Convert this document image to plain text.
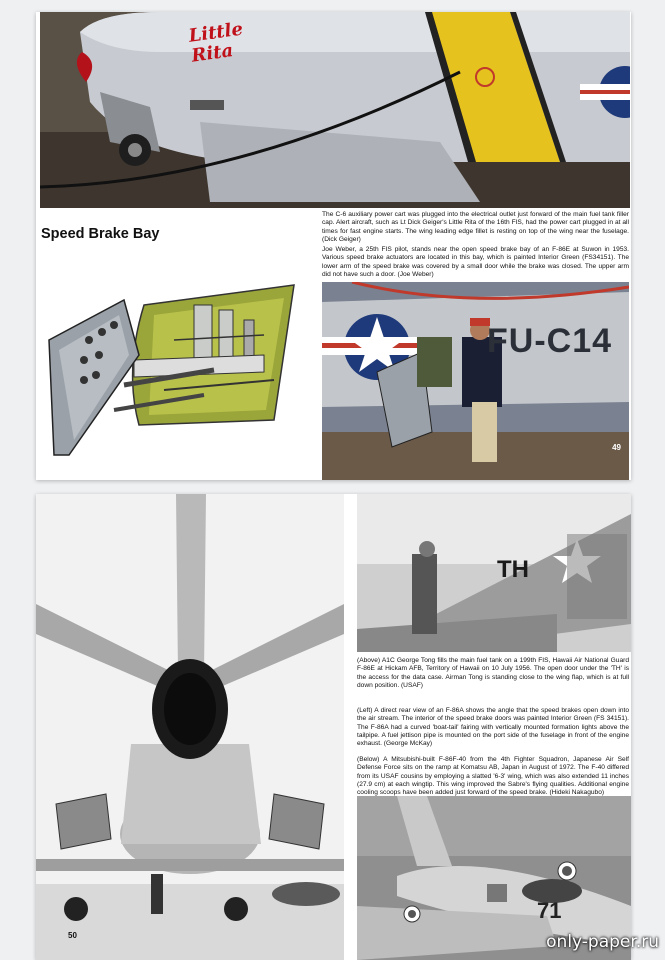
Little Rita
Speed Brake Bay

The C-6 auxiliary power cart was plugged into the electrical outlet just forward of the main fuel tank filler cap. Alert aircraft, such as Lt Dick Geiger's Little Rita of the 16th FIS, had the power cart plugged in at all times for fast engine starts. The wing leading edge fillet is resting on top of the wing near the fuselage. (Dick Geiger)

Joe Weber, a 25th FIS pilot, stands near the open speed brake bay of an F-86E at Suwon in 1953. Various speed brake actuators are located in this bay, which is painted Interior Green (FS34151). The lower arm of the speed brake was covered by a small door while the brake was closed. The upper arm did not have such a door. (Joe Weber)

FU-C14
49
50
TH

(Above) A1C George Tong fills the main fuel tank on a 199th FIS, Hawaii Air National Guard F-86E at Hickam AFB, Territory of Hawaii on 10 July 1956. The open door under the 'TH' is the access for the data case. Airman Tong is standing close to the wing flap, which is at full down position. (USAF)

(Left) A direct rear view of an F-86A shows the angle that the speed brakes open down into the air stream. The interior of the speed brake doors was painted Interior Green (FS 34151). The F-86A had a curved 'boat-tail' fairing with vertically mounted formation lights above the tailpipe. A fuel jettison pipe is mounted on the port side of the fuselage in front of the engine exhaust. (George McKay)

(Below) A Mitsubishi-built F-86F-40 from the 4th Fighter Squadron, Japanese Air Self Defense Force sits on the ramp at Komatsu AB, Japan in August of 1972. The F-40 differed from its USAF cousins by employing a slatted '6-3' wing, which was also extended 11 inches (27.9 cm) at each wingtip. This wing improved the Sabre's flying qualities. Additional engine cooling scoops have been added just forward of the speed brake. (Hideki Nakagubo)

71
only-paper.ru
